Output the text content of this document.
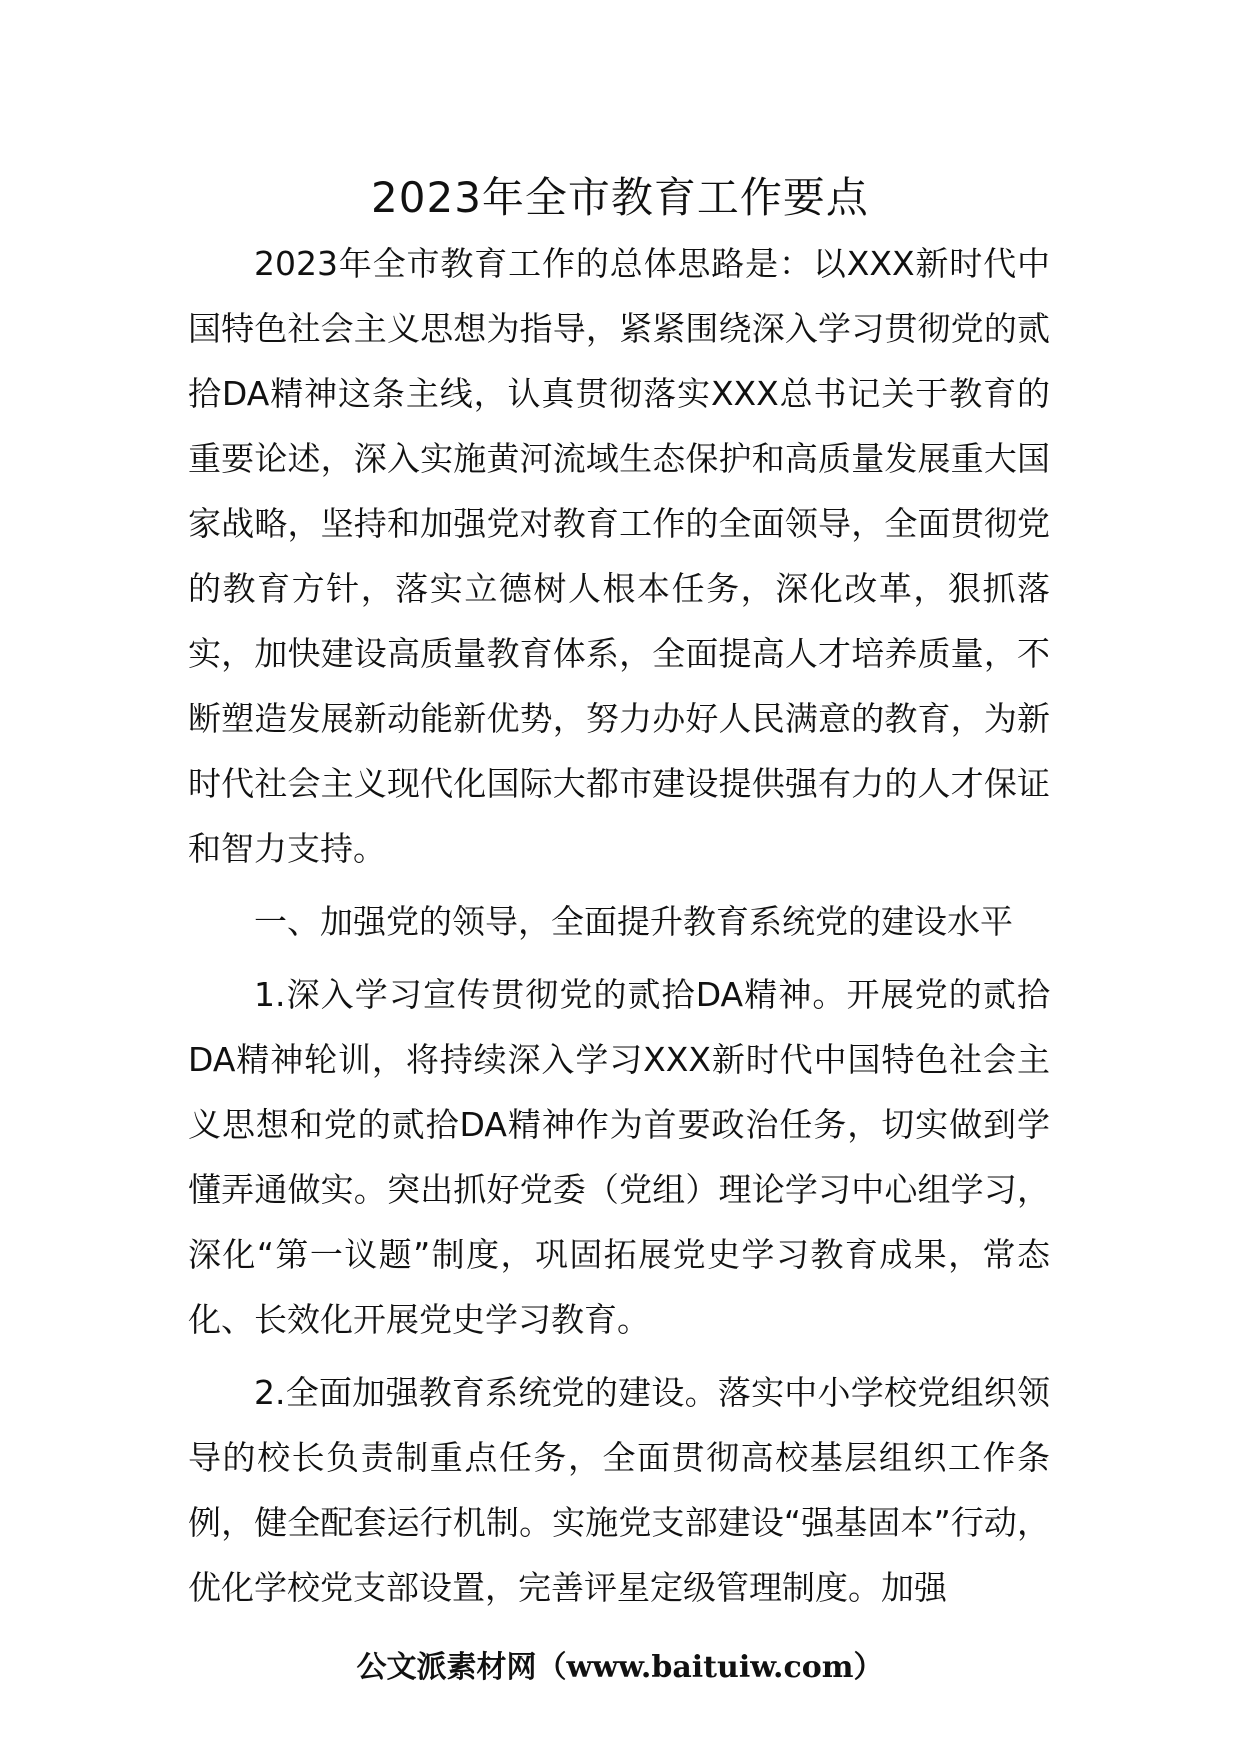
2023年全市教育工作要点

2023年全市教育工作的总体思路是：以XXX新时代中国特色社会主义思想为指导，紧紧围绕深入学习贯彻党的贰拾DA精神这条主线，认真贯彻落实XXX总书记关于教育的重要论述，深入实施黄河流域生态保护和高质量发展重大国家战略，坚持和加强党对教育工作的全面领导，全面贯彻党的教育方针，落实立德树人根本任务，深化改革，狠抓落实，加快建设高质量教育体系，全面提高人才培养质量，不断塑造发展新动能新优势，努力办好人民满意的教育，为新时代社会主义现代化国际大都市建设提供强有力的人才保证和智力支持。

一、加强党的领导，全面提升教育系统党的建设水平

1.深入学习宣传贯彻党的贰拾DA精神。开展党的贰拾DA精神轮训，将持续深入学习XXX新时代中国特色社会主义思想和党的贰拾DA精神作为首要政治任务，切实做到学懂弄通做实。突出抓好党委（党组）理论学习中心组学习，深化“第一议题”制度，巩固拓展党史学习教育成果，常态化、长效化开展党史学习教育。

2.全面加强教育系统党的建设。落实中小学校党组织领导的校长负责制重点任务，全面贯彻高校基层组织工作条例，健全配套运行机制。实施党支部建设“强基固本”行动，优化学校党支部设置，完善评星定级管理制度。加强

公文派素材网（www.baituiw.com）
